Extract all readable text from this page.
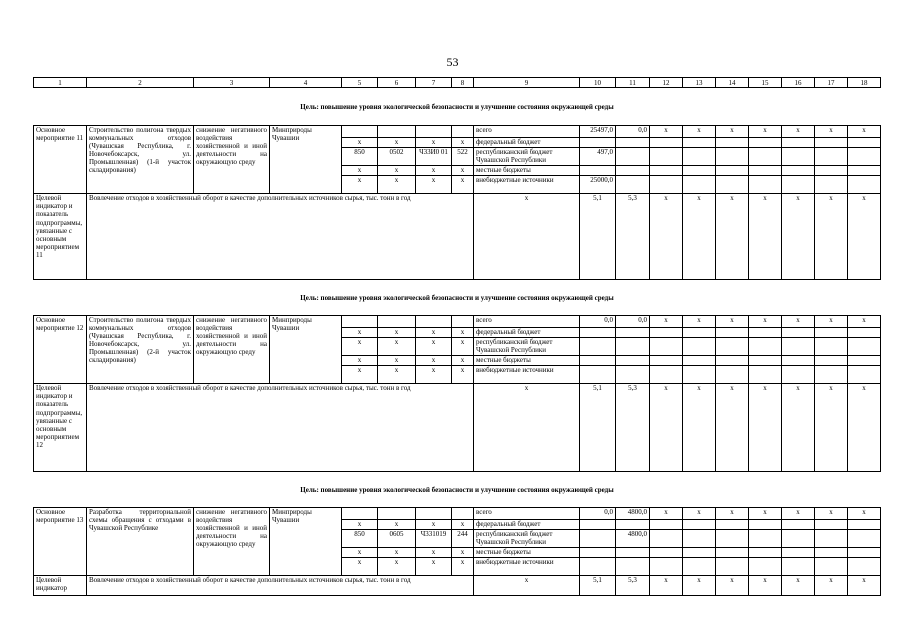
53
1	2	3	4	5	6	7	8	9	10	11	12	13	14	15	16	17	18
Цель: повышение уровня экологической безопасности и улучшение состояния окружающей среды																	
Основное мероприятие 11	Строительство полигона твердых коммунальных отходов (Чувашская Республика, г. Новочебоксарск, ул. Промышленная) (1-й участок складирования)	снижение негативного воздействия хозяйственной и иной деятельности на окружающую среду	Минприроды Чувашии					всего	25497,0	0,0	x	x	x	x	x	x	x
				x	x	x	x	федеральный бюджет									
				850	0502	Ч33И0 01	522	республиканский бюджет Чувашской Республики	497,0								
				x	x	x	x	местные бюджеты									
				x	x	x	x	внебюджетные источники	25000,0								
Целевой индикатор и показатель подпрограммы, увязанные с основным мероприятием 11	Вовлечение отходов в хозяйственный оборот в качестве дополнительных источников сырья, тыс. тонн в год							x	5,1	5,3	x	x	x	x	x	x	x
Цель: повышение уровня экологической безопасности и улучшение состояния окружающей среды																	
Основное мероприятие 12	Строительство полигона твердых коммунальных отходов (Чувашская Республика, г. Новочебоксарск, ул. Промышленная) (2-й участок складирования)	снижение негативного воздействия хозяйственной и иной деятельности на окружающую среду	Минприроды Чувашии					всего	0,0	0,0	x	x	x	x	x	x	x
				x	x	x	x	федеральный бюджет									
				x	x	x	x	республиканский бюджет Чувашской Республики									
				x	x	x	x	местные бюджеты									
				x	x	x	x	внебюджетные источники									
Целевой индикатор и показатель подпрограммы, увязанные с основным мероприятием 12	Вовлечение отходов в хозяйственный оборот в качестве дополнительных источников сырья, тыс. тонн в год							x	5,1	5,3	x	x	x	x	x	x	x
Цель: повышение уровня экологической безопасности и улучшение состояния окружающей среды																	
Основное мероприятие 13	Разработка территориальной схемы обращения с отходами в Чувашской Республике	снижение негативного воздействия хозяйственной и иной деятельности на окружающую среду	Минприроды Чувашии					всего	0,0	4800,0	x	x	x	x	x	x	x
				x	x	x	x	федеральный бюджет									
				850	0605	Ч331019	244	республиканский бюджет Чувашской Республики		4800,0							
				x	x	x	x	местные бюджеты									
				x	x	x	x	внебюджетные источники									
Целевой индикатор	Вовлечение отходов в хозяйственный оборот в качестве дополнительных источников сырья, тыс. тонн в год							x	5,1	5,3	x	x	x	x	x	x	x
